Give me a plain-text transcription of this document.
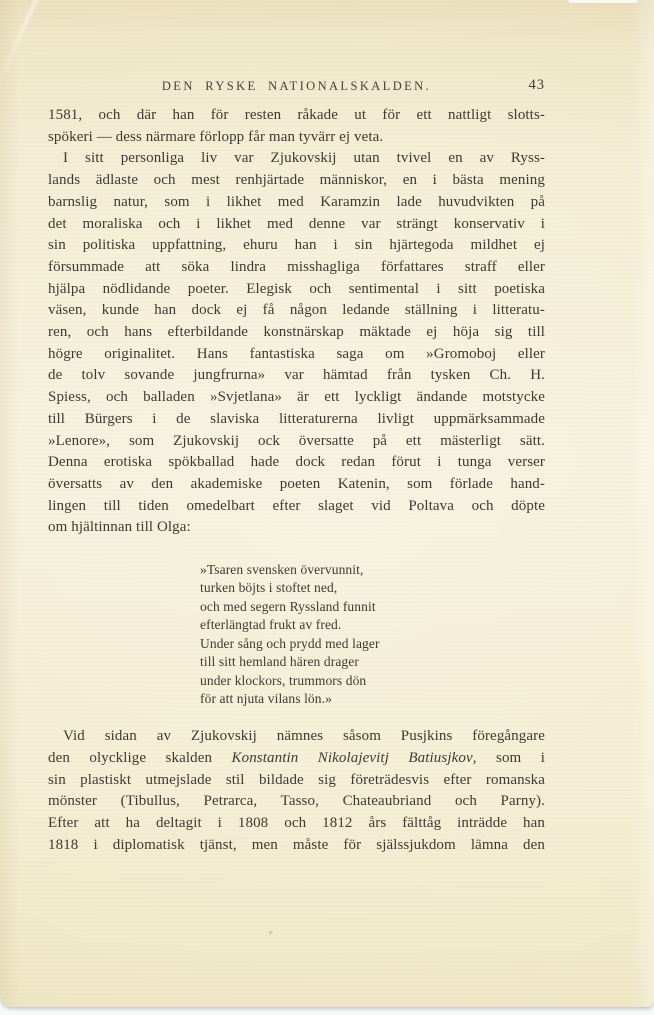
DEN RYSKE NATIONALSKALDEN.	43
1581, och där han för resten råkade ut för ett nattligt slotts-
spökeri — dess närmare förlopp får man tyvärr ej veta.
I sitt personliga liv var Zjukovskij utan tvivel en av Ryss-
lands ädlaste och mest renhjärtade människor, en i bästa mening
barnslig natur, som i likhet med Karamzin lade huvudvikten på
det moraliska och i likhet med denne var strängt konservativ i
sin politiska uppfattning, ehuru han i sin hjärtegoda mildhet ej
försummade att söka lindra misshagliga författares straff eller
hjälpa nödlidande poeter. Elegisk och sentimental i sitt poetiska
väsen, kunde han dock ej få någon ledande ställning i litteratu-
ren, och hans efterbildande konstnärskap mäktade ej höja sig till
högre originalitet. Hans fantastiska saga om »Gromoboj eller
de tolv sovande jungfrurna» var hämtad från tysken Ch. H.
Spiess, och balladen »Svjetlana» är ett lyckligt ändande motstycke
till Bürgers i de slaviska litteraturerna livligt uppmärksammade
»Lenore», som Zjukovskij ock översatte på ett mästerligt sätt.
Denna erotiska spökballad hade dock redan förut i tunga verser
översatts av den akademiske poeten Katenin, som förlade hand-
lingen till tiden omedelbart efter slaget vid Poltava och döpte
om hjältinnan till Olga:
»Tsaren svensken övervunnit,
turken böjts i stoftet ned,
och med segern Ryssland funnit
efterlängtad frukt av fred.
Under sång och prydd med lager
till sitt hemland hären drager
under klockors, trummors dön
för att njuta vilans lön.»
Vid sidan av Zjukovskij nämnes såsom Pusjkins föregångare
den olycklige skalden Konstantin Nikolajevitj Batiusjkov, som i
sin plastiskt utmejslade stil bildade sig företrädesvis efter romanska
mönster (Tibullus, Petrarca, Tasso, Chateaubriand och Parny).
Efter att ha deltagit i 1808 och 1812 års fälttåg inträdde han
1818 i diplomatisk tjänst, men måste för själssjukdom lämna den
+
